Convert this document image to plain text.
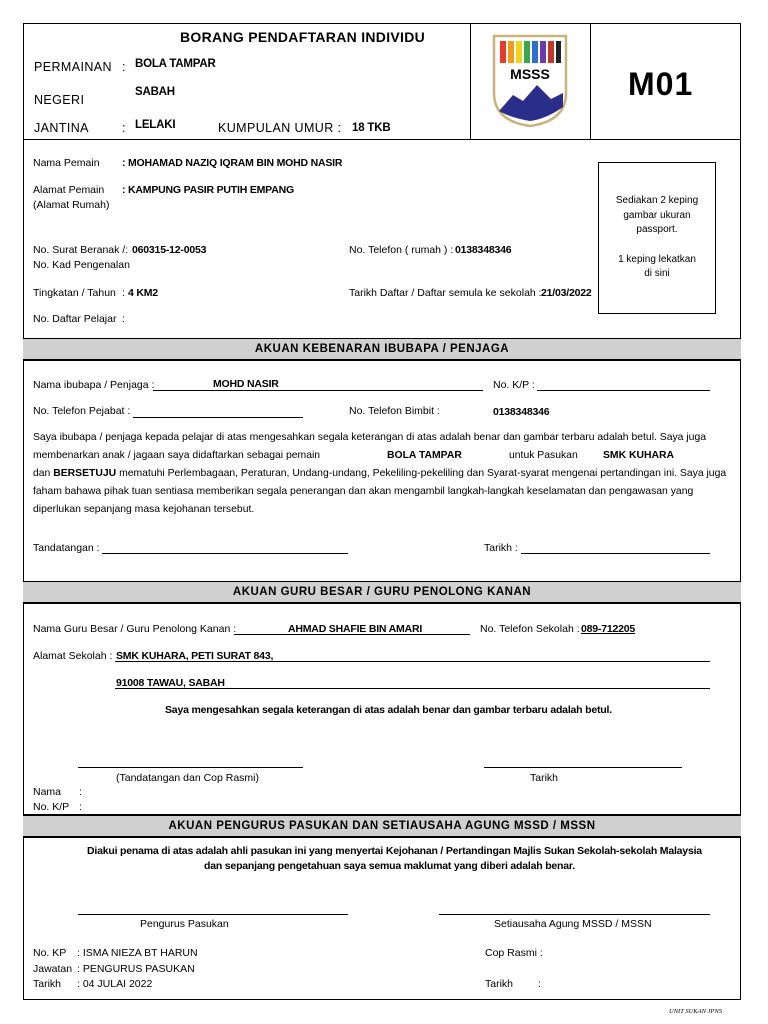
BORANG PENDAFTARAN INDIVIDU
PERMAINAN : BOLA TAMPAR
NEGERI
SABAH
JANTINA	: LELAKI	KUMPULAN UMUR : 18 TKB
MSSS M01
Nama Pemain : MOHAMAD NAZIQ IQRAM BIN MOHD NASIR
Alamat Pemain
(Alamat Rumah)
: KAMPUNG PASIR PUTIH EMPANG
No. Surat Beranak /: 060315-12-0053
No. Kad Pengenalan
No. Telefon ( rumah ) : 0138348346
Tingkatan / Tahun : 4 KM2	Tarikh Daftar / Daftar semula ke sekolah : 21/03/2022
No. Daftar Pelajar :
Sediakan 2 keping
gambar ukuran
passport.
1 keping lekatkan
di sini
AKUAN KEBENARAN IBUBAPA / PENJAGA
Nama ibubapa / Penjaga :	MOHD NASIR	No. K/P :
No. Telefon Pejabat :	No. Telefon Bimbit :	0138348346
Saya ibubapa / penjaga kepada pelajar di atas mengesahkan segala keterangan di atas adalah benar dan gambar terbaru adalah betul. Saya juga
membenarkan anak / jagaan saya didaftarkan sebagai pemain	BOLA TAMPAR	untuk Pasukan SMK KUHARA
dan BERSETUJU mematuhi Perlembagaan, Peraturan, Undang-undang, Pekeliling-pekeliling dan Syarat-syarat mengenai pertandingan ini. Saya juga
faham bahawa pihak tuan sentiasa memberikan segala penerangan dan akan mengambil langkah-langkah keselamatan dan pengawasan yang
diperlukan sepanjang masa kejohanan tersebut.
Tandatangan :	Tarikh :
AKUAN GURU BESAR / GURU PENOLONG KANAN
Nama Guru Besar / Guru Penolong Kanan :	AHMAD SHAFIE BIN AMARI	No. Telefon Sekolah : 089-712205
Alamat Sekolah : SMK KUHARA, PETI SURAT 843,
91008 TAWAU, SABAH
Saya mengesahkan segala keterangan di atas adalah benar dan gambar terbaru adalah betul.
(Tandatangan dan Cop Rasmi)	Tarikh
Nama :
No. K/P :
AKUAN PENGURUS PASUKAN DAN SETIAUSAHA AGUNG MSSD / MSSN
Diakui penama di atas adalah ahli pasukan ini yang menyertai Kejohanan / Pertandingan Majlis Sukan Sekolah-sekolah Malaysia
dan sepanjang pengetahuan saya semua maklumat yang diberi adalah benar.
Pengurus Pasukan	Setiausaha Agung MSSD / MSSN
No. KP : ISMA NIEZA BT HARUN
Jawatan : PENGURUS PASUKAN
Tarikh : 04 JULAI 2022
Cop Rasmi :
Tarikh :
UNIT SUKAN JPNS
